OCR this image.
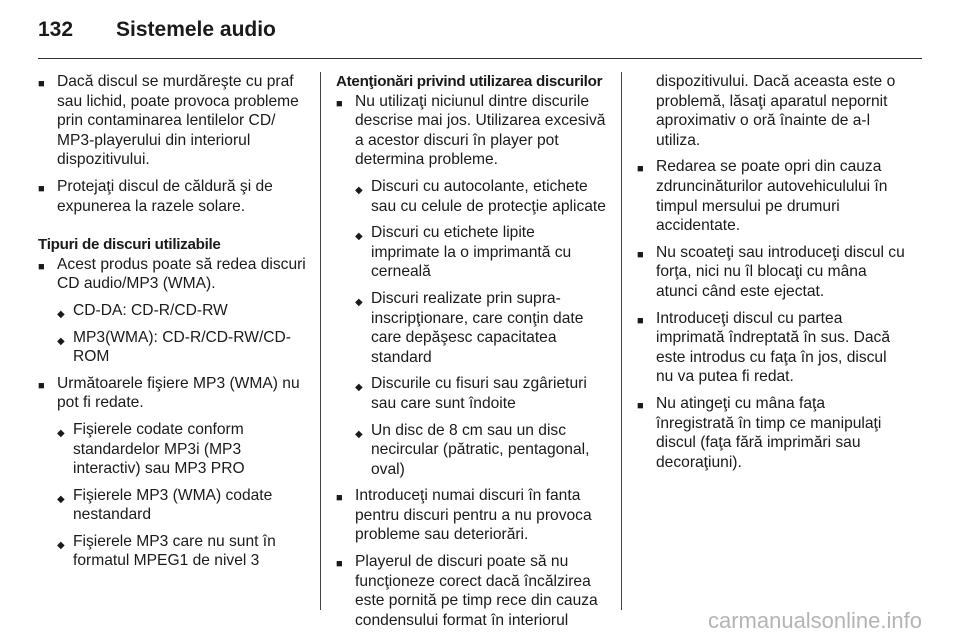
132	Sistemele audio
■ Dacă discul se murdăreşte cu praf sau lichid, poate provoca probleme prin contaminarea lentilelor CD/ MP3-playerului din interiorul dispozitivului.
■ Protejaţi discul de căldură şi de expunerea la razele solare.
Tipuri de discuri utilizabile
■ Acest produs poate să redea discuri CD audio/MP3 (WMA).
◆ CD-DA: CD-R/CD-RW
◆ MP3(WMA): CD-R/CD-RW/CD-ROM
■ Următoarele fişiere MP3 (WMA) nu pot fi redate.
◆ Fişierele codate conform standardelor MP3i (MP3 interactiv) sau MP3 PRO
◆ Fişierele MP3 (WMA) codate nestandard
◆ Fişierele MP3 care nu sunt în formatul MPEG1 de nivel 3
Atenţionări privind utilizarea discurilor
■ Nu utilizaţi niciunul dintre discurile descrise mai jos. Utilizarea excesivă a acestor discuri în player pot determina probleme.
◆ Discuri cu autocolante, etichete sau cu celule de protecţie aplicate
◆ Discuri cu etichete lipite imprimate la o imprimantă cu cerneală
◆ Discuri realizate prin supra-inscripţionare, care conţin date care depăşesc capacitatea standard
◆ Discurile cu fisuri sau zgârieturi sau care sunt îndoite
◆ Un disc de 8 cm sau un disc necircular (pătratic, pentagonal, oval)
■ Introduceţi numai discuri în fanta pentru discuri pentru a nu provoca probleme sau deteriorări.
■ Playerul de discuri poate să nu funcţioneze corect dacă încălzirea este pornită pe timp rece din cauza condensului format în interiorul
dispozitivului. Dacă aceasta este o problemă, lăsaţi aparatul nepornit aproximativ o oră înainte de a-l utiliza.
■ Redarea se poate opri din cauza zdruncinăturilor autovehiculului în timpul mersului pe drumuri accidentate.
■ Nu scoateţi sau introduceţi discul cu forţa, nici nu îl blocaţi cu mâna atunci când este ejectat.
■ Introduceţi discul cu partea imprimată îndreptată în sus. Dacă este introdus cu faţa în jos, discul nu va putea fi redat.
■ Nu atingeţi cu mâna faţa înregistrată în timp ce manipulaţi discul (faţa fără imprimări sau decoraţiuni).
carmanualsonline.info
